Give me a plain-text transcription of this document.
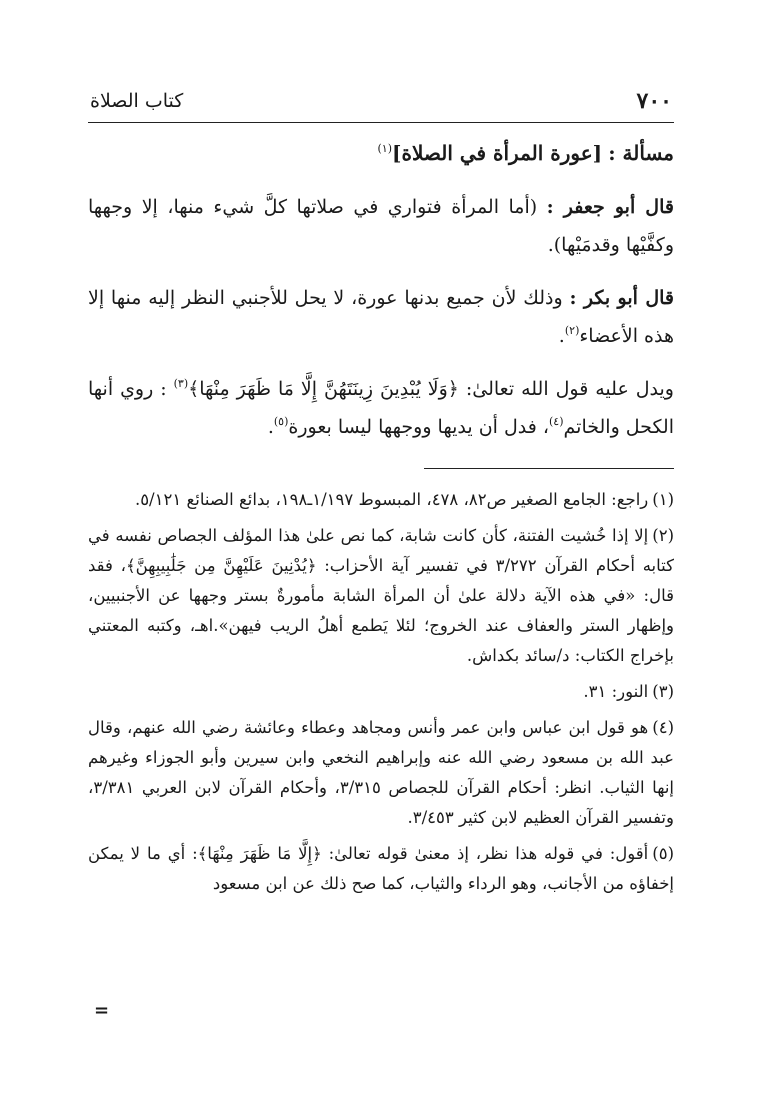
٧٠٠
كتاب الصلاة

مسألة : [عورة المرأة في الصلاة]$^{(١)}$

قال أبو جعفر : (أما المرأة فتواري في صلاتها كلَّ شيء منها، إلا وجهها وكفَّيْها وقدمَيْها).

قال أبو بكر : وذلك لأن جميع بدنها عورة، لا يحل للأجنبي النظر إليه منها إلا هذه الأعضاء$^{(٢)}$.

ويدل عليه قول الله تعالىٰ: ﴿وَلَا يُبْدِينَ زِينَتَهُنَّ إِلَّا مَا ظَهَرَ مِنْهَا﴾$^{(٣)}$ : روي أنها الكحل والخاتم$^{(٤)}$، فدل أن يديها ووجهها ليسا بعورة$^{(٥)}$.

(١)راجع: الجامع الصغير ص٨٢، ٤٧٨، المبسوط ١/١٩٧ـ١٩٨، بدائع الصنائع ٥/١٢١.

(٢)إلا إذا خُشيت الفتنة، كأن كانت شابة، كما نص علىٰ هذا المؤلف الجصاص نفسه في كتابه أحكام القرآن ٣/٢٧٢ في تفسير آية الأحزاب: ﴿يُدْنِينَ عَلَيْهِنَّ مِن جَلَٰبِيبِهِنَّ﴾، فقد قال: «في هذه الآية دلالة علىٰ أن المرأة الشابة مأمورةٌ بستر وجهها عن الأجنبيين، وإظهار الستر والعفاف عند الخروج؛ لئلا يَطمع أهلُ الريب فيهن».اهـ، وكتبه المعتني بإخراج الكتاب: د/سائد بكداش.

(٣)النور: ٣١.

(٤)هو قول ابن عباس وابن عمر وأنس ومجاهد وعطاء وعائشة رضي الله عنهم، وقال عبد الله بن مسعود رضي الله عنه وإبراهيم النخعي وابن سيرين وأبو الجوزاء وغيرهم إنها الثياب. انظر: أحكام القرآن للجصاص ٣/٣١٥، وأحكام القرآن لابن العربي ٣/٣٨١، وتفسير القرآن العظيم لابن كثير ٣/٤٥٣.

(٥)أقول: في قوله هذا نظر، إذ معنىٰ قوله تعالىٰ: ﴿إِلَّا مَا ظَهَرَ مِنْهَا﴾: أي ما لا يمكن إخفاؤه من الأجانب، وهو الرداء والثياب، كما صح ذلك عن ابن مسعود

=
